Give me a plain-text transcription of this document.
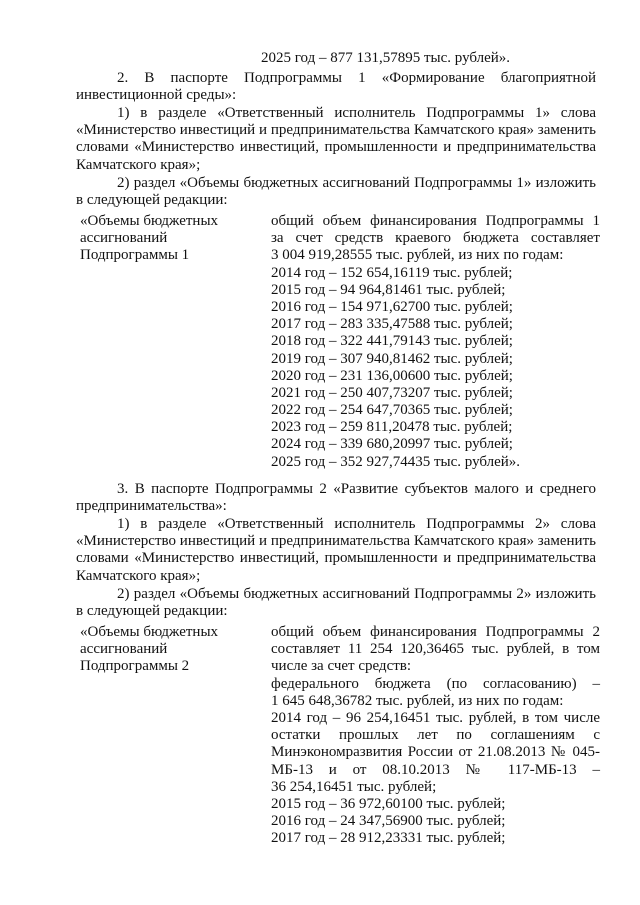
2025 год – 877 131,57895 тыс. рублей».

2. В паспорте Подпрограммы 1 «Формирование благоприятной инвестиционной среды»:

1) в разделе «Ответственный исполнитель Подпрограммы 1» слова «Министерство инвестиций и предпринимательства Камчатского края» заменить словами «Министерство инвестиций, промышленности и предпринимательства Камчатского края»;

2) раздел «Объемы бюджетных ассигнований Подпрограммы 1» изложить в следующей редакции:

«Объемы бюджетных
ассигнований
Подпрограммы 1
общий объем финансирования Подпрограммы 1
за счет средств краевого бюджета составляет
3 004 919,28555 тыс. рублей, из них по годам:
2014 год – 152 654,16119 тыс. рублей;
2015 год – 94 964,81461 тыс. рублей;
2016 год – 154 971,62700 тыс. рублей;
2017 год – 283 335,47588 тыс. рублей;
2018 год – 322 441,79143 тыс. рублей;
2019 год – 307 940,81462 тыс. рублей;
2020 год – 231 136,00600 тыс. рублей;
2021 год – 250 407,73207 тыс. рублей;
2022 год – 254 647,70365 тыс. рублей;
2023 год – 259 811,20478 тыс. рублей;
2024 год – 339 680,20997 тыс. рублей;
2025 год – 352 927,74435 тыс. рублей».

3. В паспорте Подпрограммы 2 «Развитие субъектов малого и среднего предпринимательства»:

1) в разделе «Ответственный исполнитель Подпрограммы 2» слова «Министерство инвестиций и предпринимательства Камчатского края» заменить словами «Министерство инвестиций, промышленности и предпринимательства Камчатского края»;

2) раздел «Объемы бюджетных ассигнований Подпрограммы 2» изложить в следующей редакции:

«Объемы бюджетных
ассигнований
Подпрограммы 2
общий объем финансирования Подпрограммы 2
составляет 11 254 120,36465 тыс. рублей, в том
числе за счет средств:
федерального бюджета (по согласованию) –
1 645 648,36782 тыс. рублей, из них по годам:
2014 год – 96 254,16451 тыс. рублей, в том числе
остатки прошлых лет по соглашениям с
Минэкономразвития России от 21.08.2013 № 045-
МБ-13 и от 08.10.2013 № 117-МБ-13 –
36 254,16451 тыс. рублей;
2015 год – 36 972,60100 тыс. рублей;
2016 год – 24 347,56900 тыс. рублей;
2017 год – 28 912,23331 тыс. рублей;
